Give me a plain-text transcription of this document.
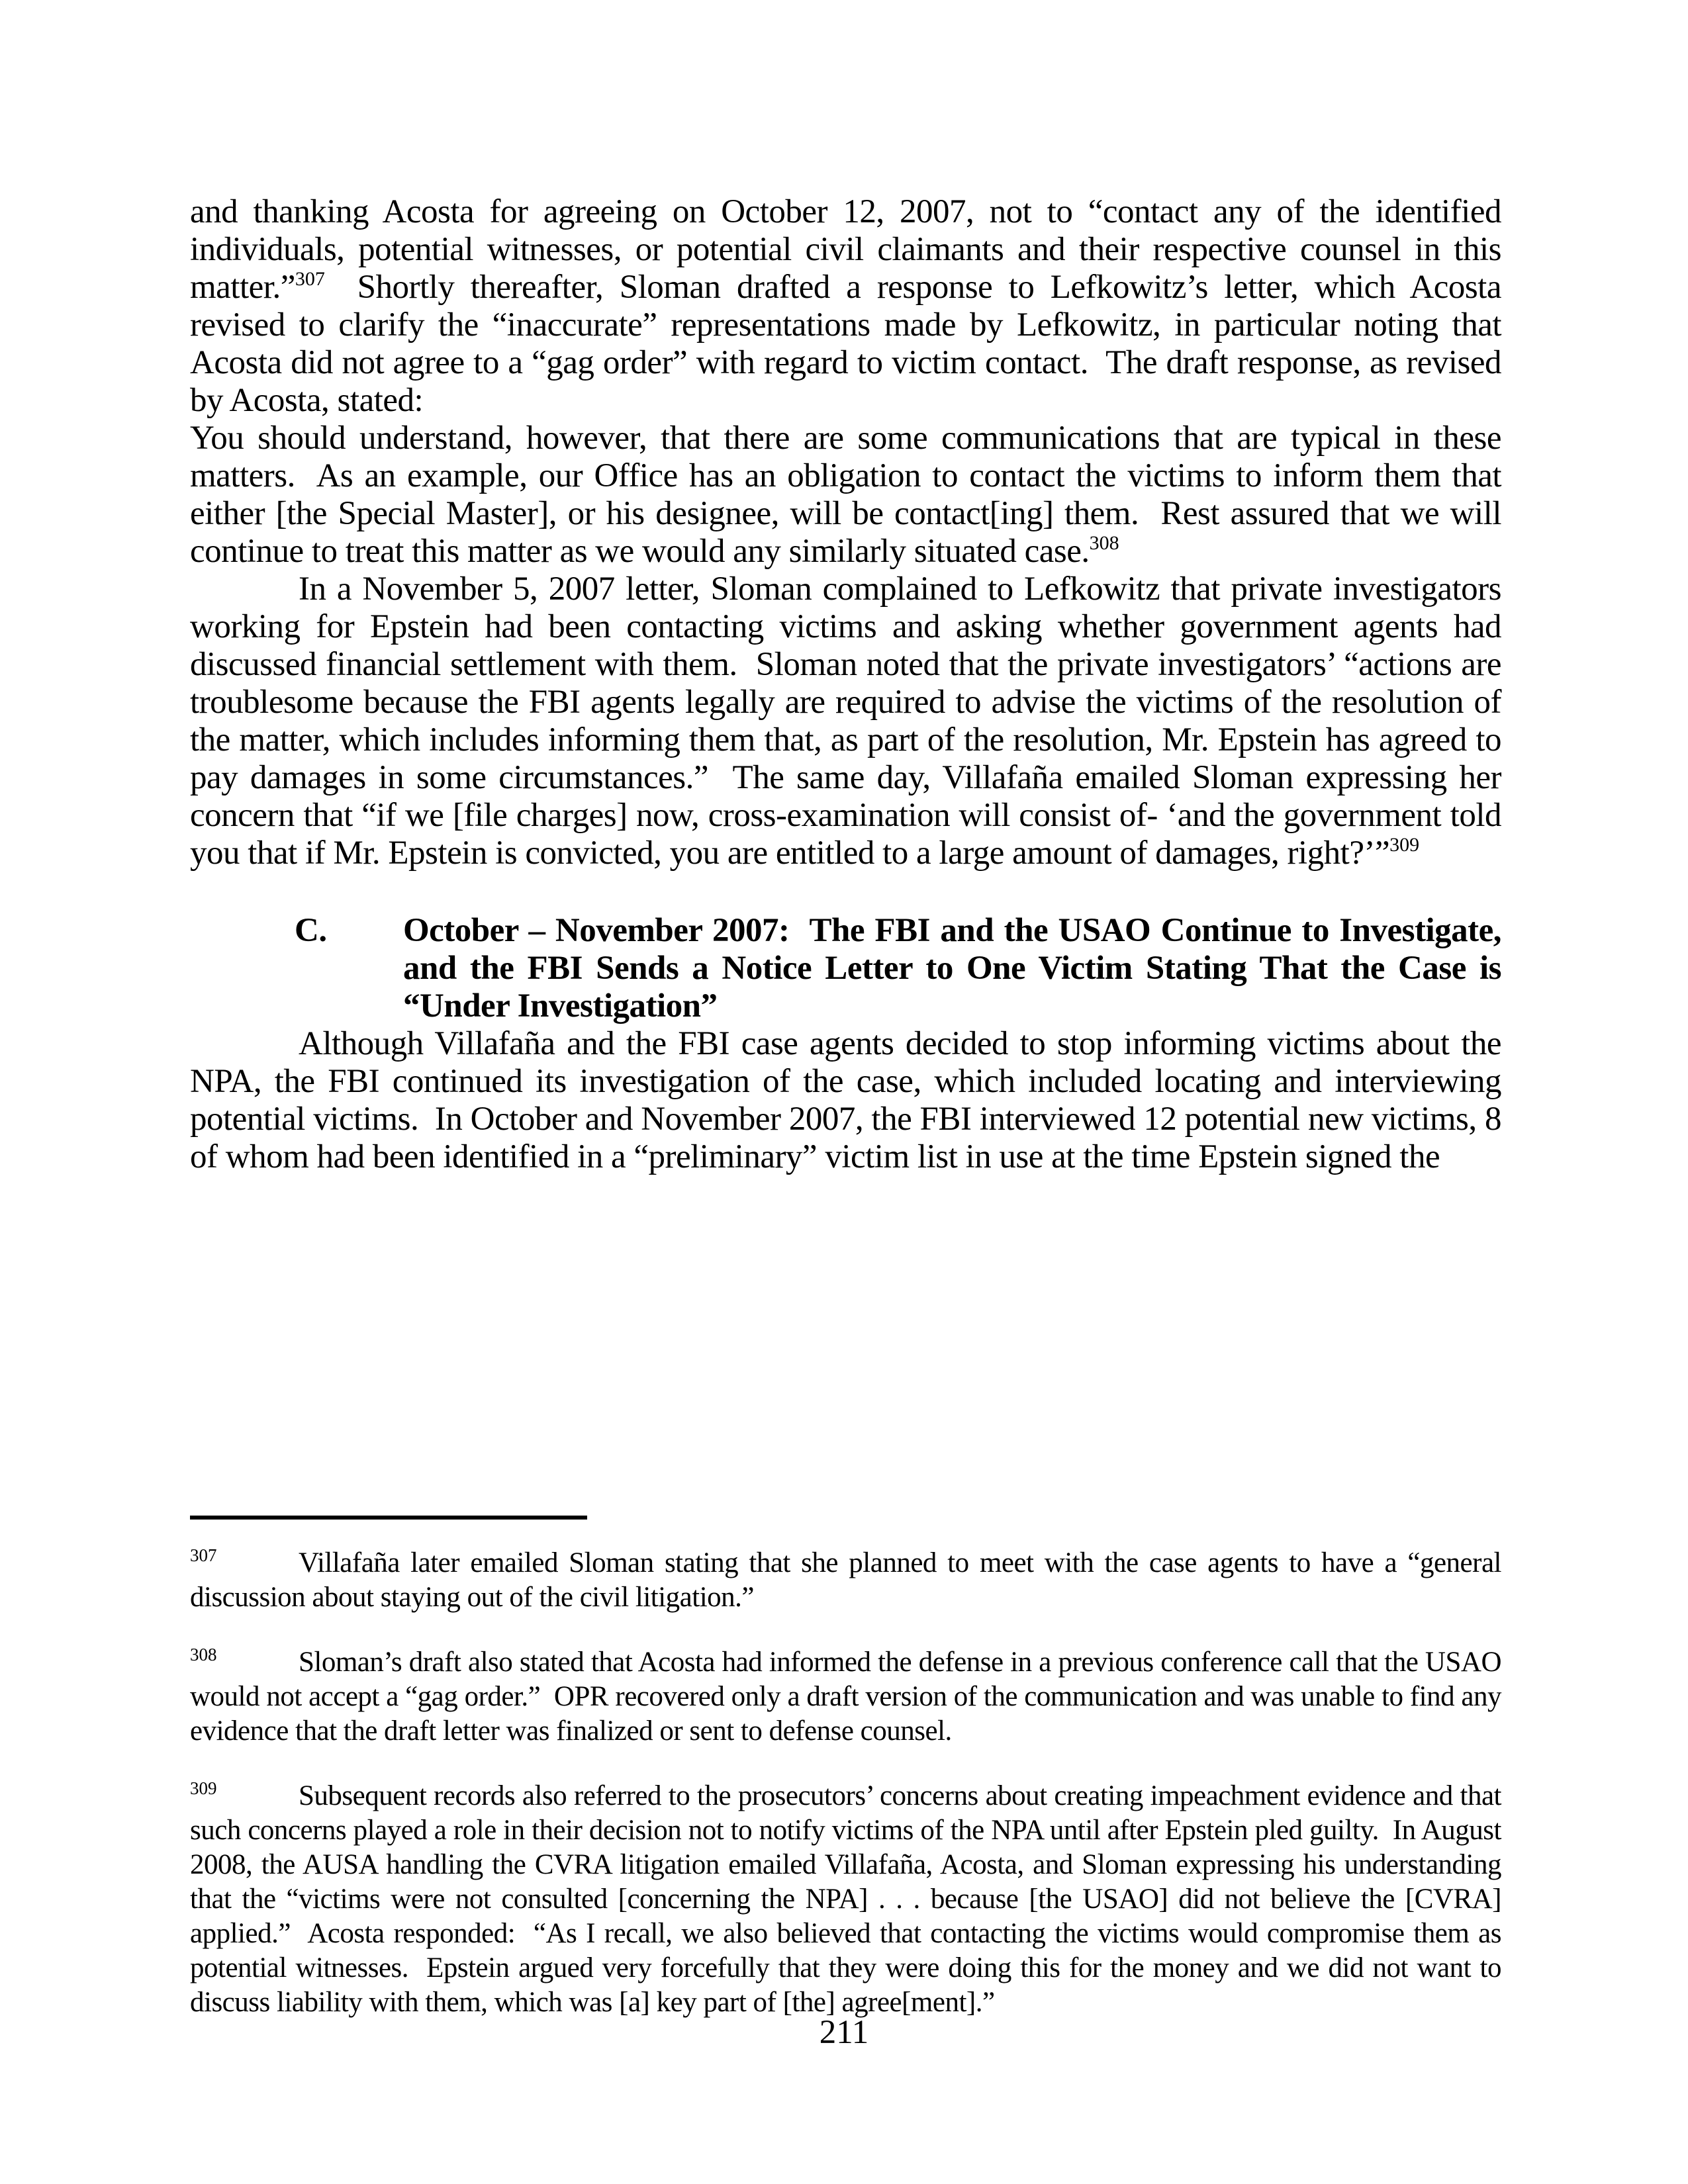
and thanking Acosta for agreeing on October 12, 2007, not to “contact any of the identified individuals, potential witnesses, or potential civil claimants and their respective counsel in this matter.”$^{307}$  Shortly thereafter, Sloman drafted a response to Lefkowitz’s letter, which Acosta revised to clarify the “inaccurate” representations made by Lefkowitz, in particular noting that Acosta did not agree to a “gag order” with regard to victim contact.  The draft response, as revised by Acosta, stated:

You should understand, however, that there are some communications that are typical in these matters.  As an example, our Office has an obligation to contact the victims to inform them that either [the Special Master], or his designee, will be contact[ing] them.  Rest assured that we will continue to treat this matter as we would any similarly situated case.$^{308}$

In a November 5, 2007 letter, Sloman complained to Lefkowitz that private investigators working for Epstein had been contacting victims and asking whether government agents had discussed financial settlement with them.  Sloman noted that the private investigators’ “actions are troublesome because the FBI agents legally are required to advise the victims of the resolution of the matter, which includes informing them that, as part of the resolution, Mr. Epstein has agreed to pay damages in some circumstances.”  The same day, Villafaña emailed Sloman expressing her concern that “if we [file charges] now, cross-examination will consist of- ‘and the government told you that if Mr. Epstein is convicted, you are entitled to a large amount of damages, right?’”$^{309}$

C. October – November 2007:  The FBI and the USAO Continue to Investigate, and the FBI Sends a Notice Letter to One Victim Stating That the Case is “Under Investigation”

Although Villafaña and the FBI case agents decided to stop informing victims about the NPA, the FBI continued its investigation of the case, which included locating and interviewing potential victims.  In October and November 2007, the FBI interviewed 12 potential new victims, 8 of whom had been identified in a “preliminary” victim list in use at the time Epstein signed the

$^{307}$	Villafaña later emailed Sloman stating that she planned to meet with the case agents to have a “general discussion about staying out of the civil litigation.”

$^{308}$	Sloman’s draft also stated that Acosta had informed the defense in a previous conference call that the USAO would not accept a “gag order.”  OPR recovered only a draft version of the communication and was unable to find any evidence that the draft letter was finalized or sent to defense counsel.

$^{309}$	Subsequent records also referred to the prosecutors’ concerns about creating impeachment evidence and that such concerns played a role in their decision not to notify victims of the NPA until after Epstein pled guilty.  In August 2008, the AUSA handling the CVRA litigation emailed Villafaña, Acosta, and Sloman expressing his understanding that the “victims were not consulted [concerning the NPA] . . . because [the USAO] did not believe the [CVRA] applied.”  Acosta responded:  “As I recall, we also believed that contacting the victims would compromise them as potential witnesses.  Epstein argued very forcefully that they were doing this for the money and we did not want to discuss liability with them, which was [a] key part of [the] agree[ment].”

211
